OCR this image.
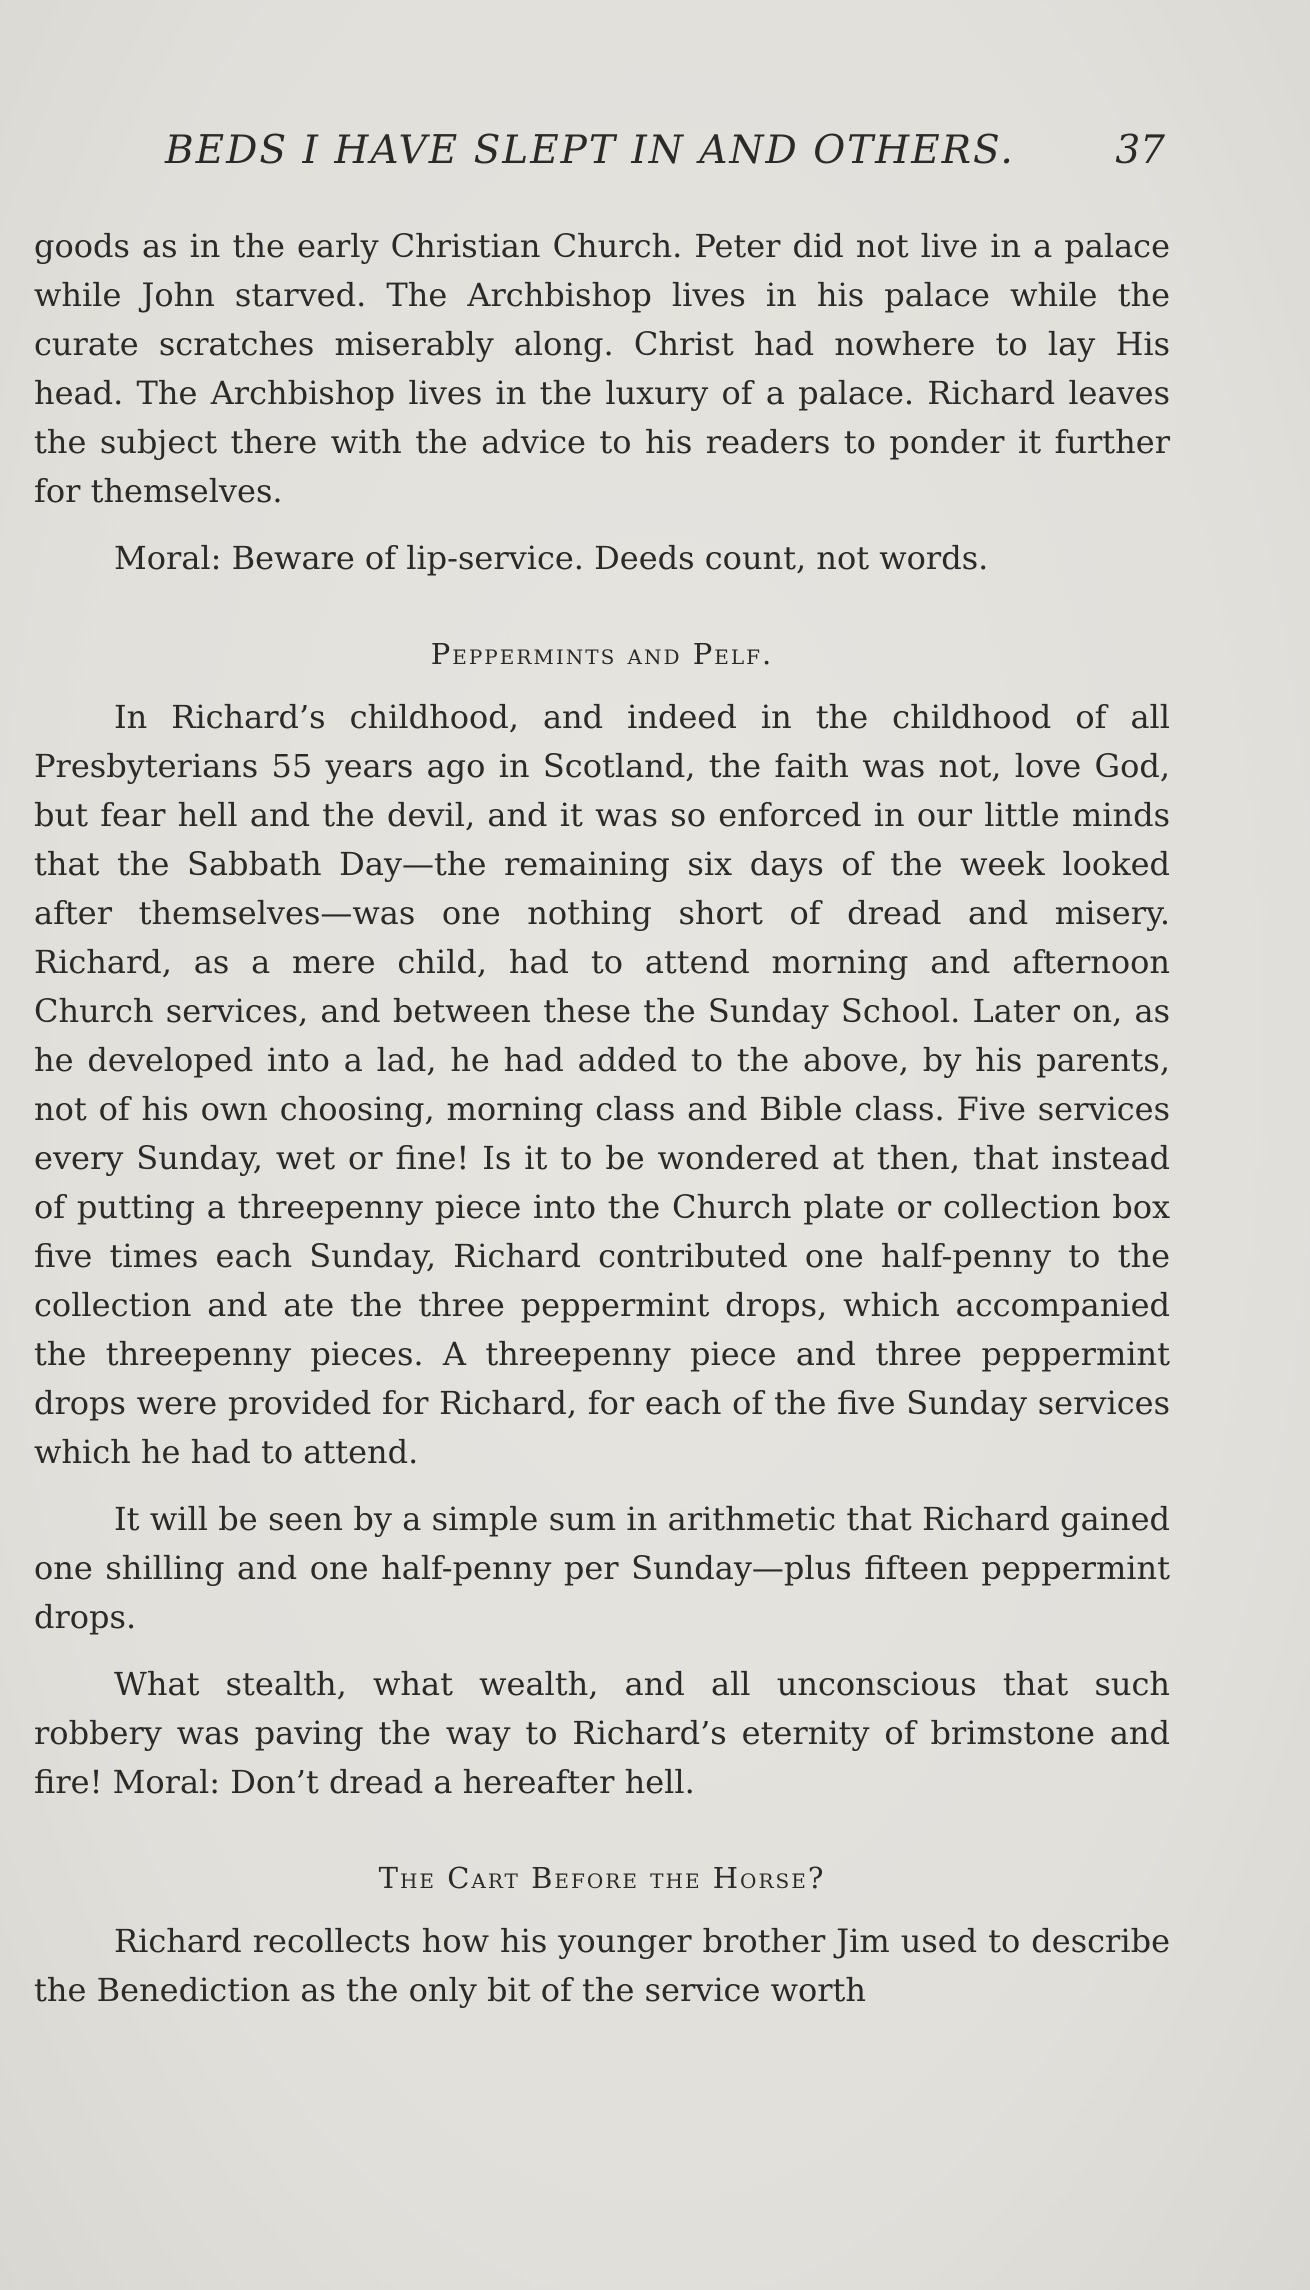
BEDS I HAVE SLEPT IN AND OTHERS.	37

goods as in the early Christian Church. Peter did not live in a palace while John starved. The Archbishop lives in his palace while the curate scratches miserably along. Christ had nowhere to lay His head. The Archbishop lives in the luxury of a palace. Richard leaves the subject there with the advice to his readers to ponder it further for themselves.

Moral: Beware of lip-service. Deeds count, not words.

Peppermints and Pelf.

In Richard’s childhood, and indeed in the childhood of all Presbyterians 55 years ago in Scotland, the faith was not, love God, but fear hell and the devil, and it was so enforced in our little minds that the Sabbath Day—the remaining six days of the week looked after themselves—was one nothing short of dread and misery. Richard, as a mere child, had to attend morning and afternoon Church services, and between these the Sunday School. Later on, as he developed into a lad, he had added to the above, by his parents, not of his own choosing, morning class and Bible class. Five services every Sunday, wet or fine! Is it to be wondered at then, that instead of putting a threepenny piece into the Church plate or collection box five times each Sunday, Richard contributed one half-penny to the collection and ate the three peppermint drops, which accompanied the threepenny pieces. A threepenny piece and three peppermint drops were provided for Richard, for each of the five Sunday services which he had to attend.

It will be seen by a simple sum in arithmetic that Richard gained one shilling and one half-penny per Sunday—plus fifteen peppermint drops.

What stealth, what wealth, and all unconscious that such robbery was paving the way to Richard’s eternity of brimstone and fire! Moral: Don’t dread a hereafter hell.

The Cart Before the Horse?

Richard recollects how his younger brother Jim used to describe the Benediction as the only bit of the service worth
